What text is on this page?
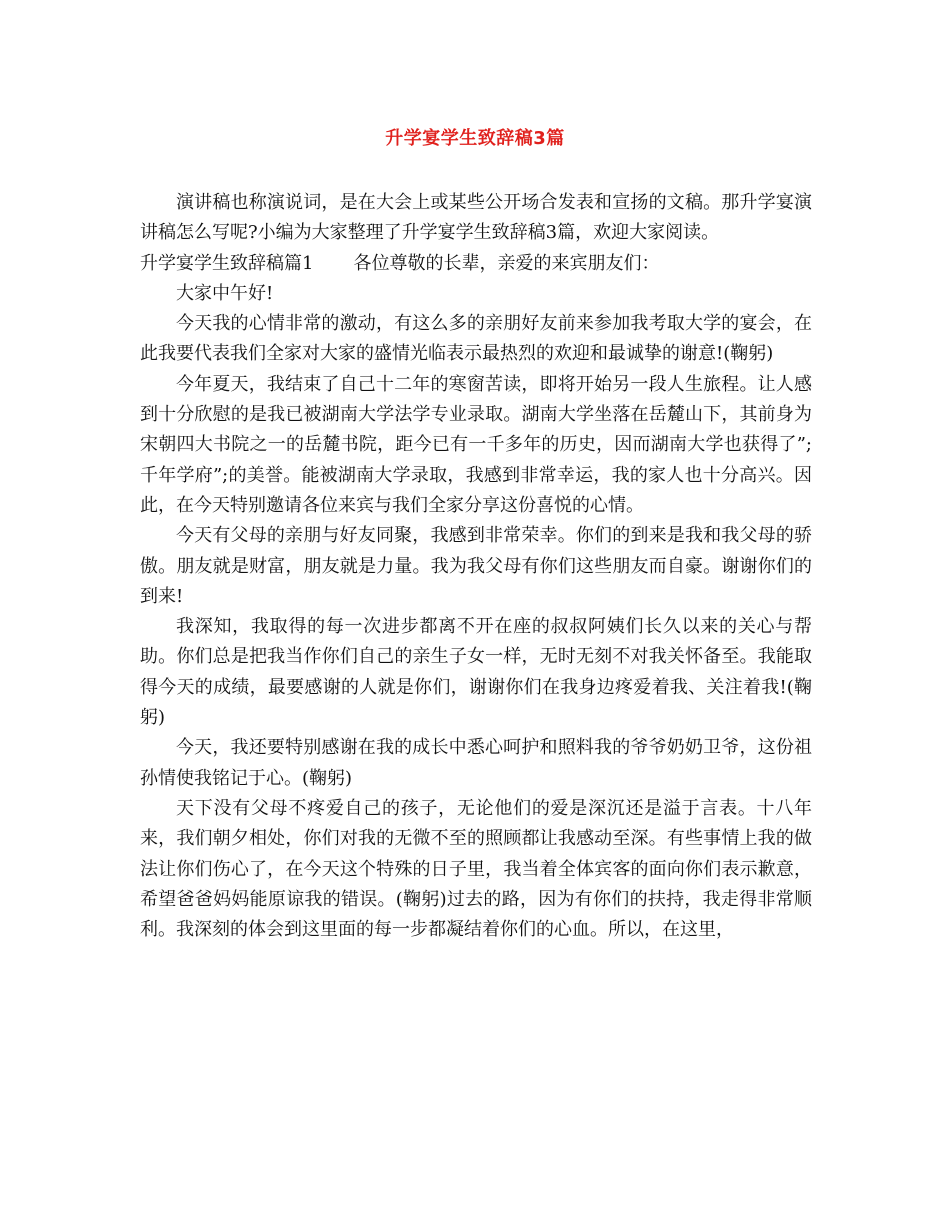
升学宴学生致辞稿3篇

演讲稿也称演说词，是在大会上或某些公开场合发表和宣扬的文稿。那升学宴演讲稿怎么写呢?小编为大家整理了升学宴学生致辞稿3篇，欢迎大家阅读。

升学宴学生致辞稿篇1 各位尊敬的长辈，亲爱的来宾朋友们：

大家中午好!

今天我的心情非常的激动，有这么多的亲朋好友前来参加我考取大学的宴会，在此我要代表我们全家对大家的盛情光临表示最热烈的欢迎和最诚挚的谢意!(鞠躬)

今年夏天，我结束了自己十二年的寒窗苦读，即将开始另一段人生旅程。让人感到十分欣慰的是我已被湖南大学法学专业录取。湖南大学坐落在岳麓山下，其前身为宋朝四大书院之一的岳麓书院，距今已有一千多年的历史，因而湖南大学也获得了”;千年学府”;的美誉。能被湖南大学录取，我感到非常幸运，我的家人也十分高兴。因此，在今天特别邀请各位来宾与我们全家分享这份喜悦的心情。

今天有父母的亲朋与好友同聚，我感到非常荣幸。你们的到来是我和我父母的骄傲。朋友就是财富，朋友就是力量。我为我父母有你们这些朋友而自豪。谢谢你们的到来!

我深知，我取得的每一次进步都离不开在座的叔叔阿姨们长久以来的关心与帮助。你们总是把我当作你们自己的亲生子女一样，无时无刻不对我关怀备至。我能取得今天的成绩，最要感谢的人就是你们，谢谢你们在我身边疼爱着我、关注着我!(鞠躬)

今天，我还要特别感谢在我的成长中悉心呵护和照料我的爷爷奶奶卫爷，这份祖孙情使我铭记于心。(鞠躬)

天下没有父母不疼爱自己的孩子，无论他们的爱是深沉还是溢于言表。十八年来，我们朝夕相处，你们对我的无微不至的照顾都让我感动至深。有些事情上我的做法让你们伤心了，在今天这个特殊的日子里，我当着全体宾客的面向你们表示歉意，希望爸爸妈妈能原谅我的错误。(鞠躬)过去的路，因为有你们的扶持，我走得非常顺利。我深刻的体会到这里面的每一步都凝结着你们的心血。所以，在这里，
